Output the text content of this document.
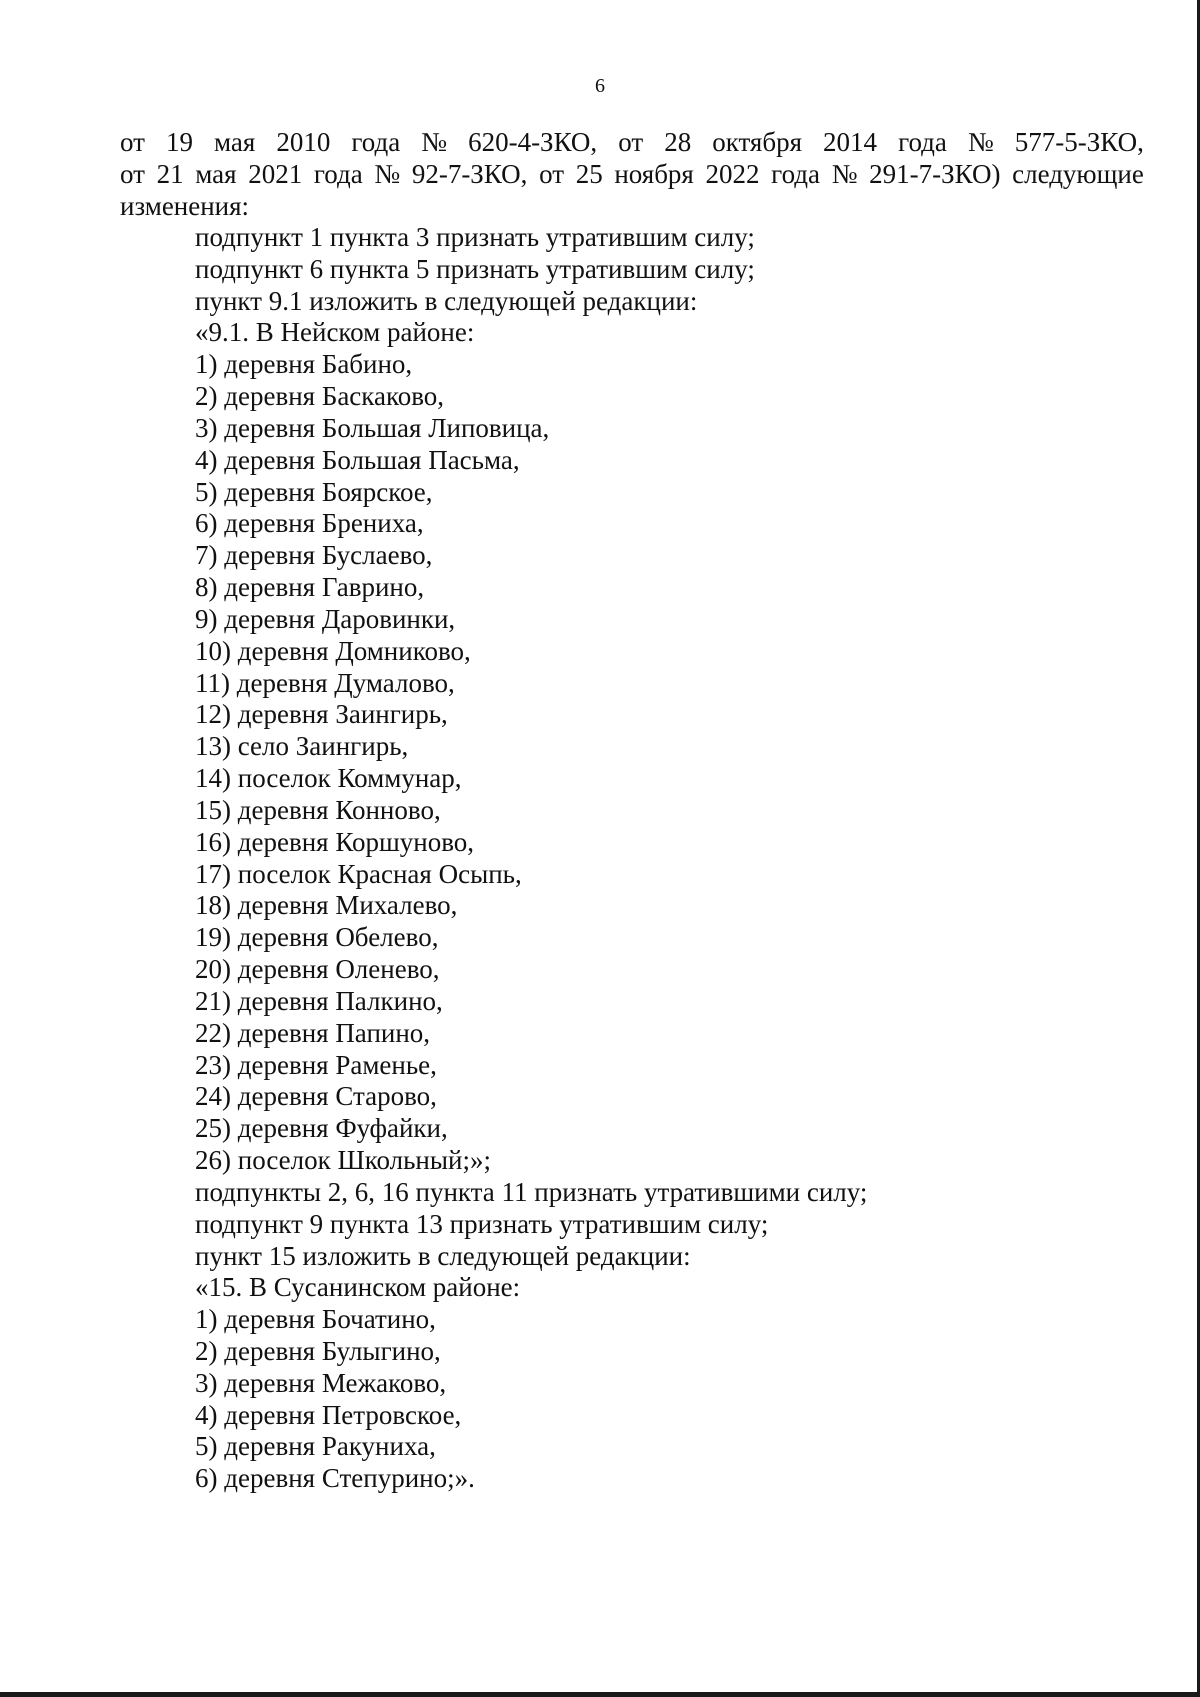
6
от 19 мая 2010 года № 620-4-ЗКО, от 28 октября 2014 года № 577-5-ЗКО,
от 21 мая 2021 года № 92-7-ЗКО, от 25 ноября 2022 года № 291-7-ЗКО) следующие
изменения:
подпункт 1 пункта 3 признать утратившим силу;
подпункт 6 пункта 5 признать утратившим силу;
пункт 9.1 изложить в следующей редакции:
«9.1. В Нейском районе:
1) деревня Бабино,
2) деревня Баскаково,
3) деревня Большая Липовица,
4) деревня Большая Пасьма,
5) деревня Боярское,
6) деревня Брениха,
7) деревня Буслаево,
8) деревня Гаврино,
9) деревня Даровинки,
10) деревня Домниково,
11) деревня Думалово,
12) деревня Заингирь,
13) село Заингирь,
14) поселок Коммунар,
15) деревня Конново,
16) деревня Коршуново,
17) поселок Красная Осыпь,
18) деревня Михалево,
19) деревня Обелево,
20) деревня Оленево,
21) деревня Палкино,
22) деревня Папино,
23) деревня Раменье,
24) деревня Старово,
25) деревня Фуфайки,
26) поселок Школьный;»;
подпункты 2, 6, 16 пункта 11 признать утратившими силу;
подпункт 9 пункта 13 признать утратившим силу;
пункт 15 изложить в следующей редакции:
«15. В Сусанинском районе:
1) деревня Бочатино,
2) деревня Булыгино,
3) деревня Межаково,
4) деревня Петровское,
5) деревня Ракуниха,
6) деревня Степурино;».
